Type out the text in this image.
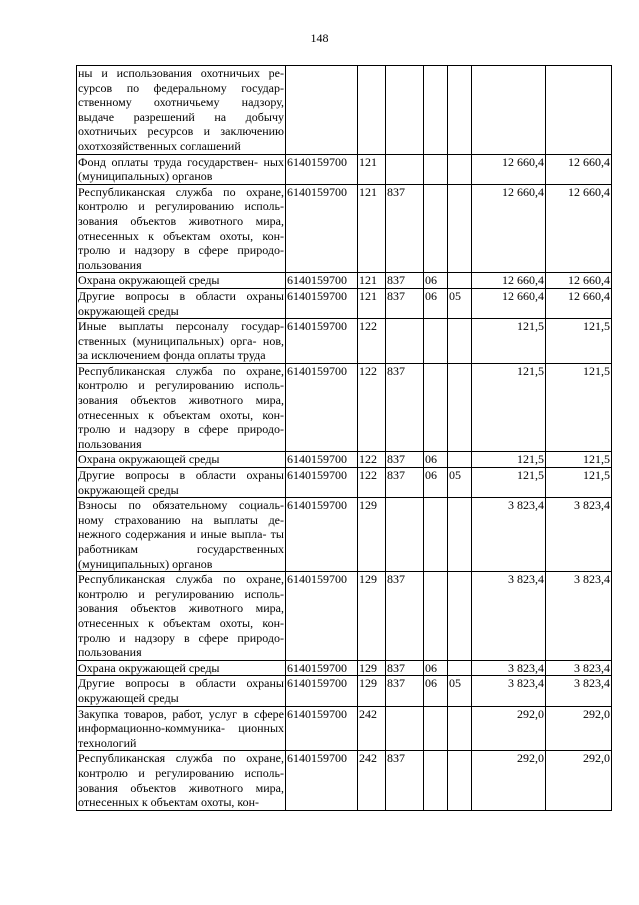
148
ны и использования охотничьих ре- сурсов по федеральному государ- ственному охотничьему надзору, выдаче разрешений на добычу охотничьих ресурсов и заключению охотхозяйственных соглашений							
Фонд оплаты труда государствен- ных (муниципальных) органов	6140159700	121				12 660,4	12 660,4
Республиканская служба по охране, контролю и регулированию исполь- зования объектов животного мира, отнесенных к объектам охоты, кон- тролю и надзору в сфере природо- пользования	6140159700	121	837			12 660,4	12 660,4
Охрана окружающей среды	6140159700	121	837	06		12 660,4	12 660,4
Другие вопросы в области охраны окружающей среды	6140159700	121	837	06	05	12 660,4	12 660,4
Иные выплаты персоналу государ- ственных (муниципальных) орга- нов, за исключением фонда оплаты труда	6140159700	122				121,5	121,5
Республиканская служба по охране, контролю и регулированию исполь- зования объектов животного мира, отнесенных к объектам охоты, кон- тролю и надзору в сфере природо- пользования	6140159700	122	837			121,5	121,5
Охрана окружающей среды	6140159700	122	837	06		121,5	121,5
Другие вопросы в области охраны окружающей среды	6140159700	122	837	06	05	121,5	121,5
Взносы по обязательному социаль- ному страхованию на выплаты де- нежного содержания и иные выпла- ты работникам государственных (муниципальных) органов	6140159700	129				3 823,4	3 823,4
Республиканская служба по охране, контролю и регулированию исполь- зования объектов животного мира, отнесенных к объектам охоты, кон- тролю и надзору в сфере природо- пользования	6140159700	129	837			3 823,4	3 823,4
Охрана окружающей среды	6140159700	129	837	06		3 823,4	3 823,4
Другие вопросы в области охраны окружающей среды	6140159700	129	837	06	05	3 823,4	3 823,4
Закупка товаров, работ, услуг в сфере информационно-коммуника- ционных технологий	6140159700	242				292,0	292,0
Республиканская служба по охране, контролю и регулированию исполь- зования объектов животного мира, отнесенных к объектам охоты, кон-	6140159700	242	837			292,0	292,0
